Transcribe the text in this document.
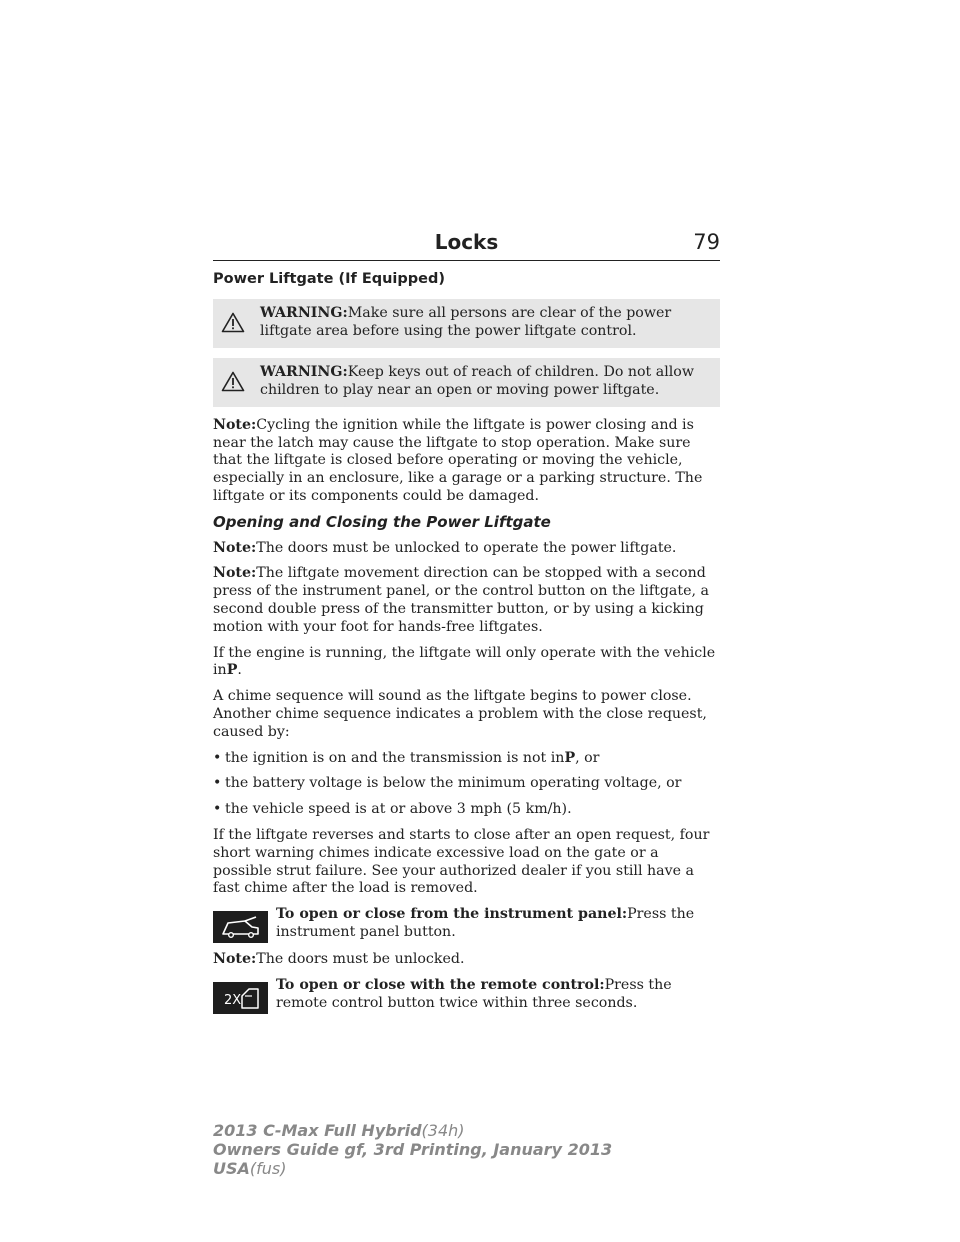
Locks	79
Power Liftgate (If Equipped)
WARNING:Make sure all persons are clear of the power liftgate area before using the power liftgate control.
WARNING:Keep keys out of reach of children. Do not allow children to play near an open or moving power liftgate.

Note:Cycling the ignition while the liftgate is power closing and is near the latch may cause the liftgate to stop operation. Make sure that the liftgate is closed before operating or moving the vehicle, especially in an enclosure, like a garage or a parking structure. The liftgate or its components could be damaged.

Opening and Closing the Power Liftgate

Note:The doors must be unlocked to operate the power liftgate.

Note:The liftgate movement direction can be stopped with a second press of the instrument panel, or the control button on the liftgate, a second double press of the transmitter button, or by using a kicking motion with your foot for hands-free liftgates.

If the engine is running, the liftgate will only operate with the vehicle inP.

A chime sequence will sound as the liftgate begins to power close. Another chime sequence indicates a problem with the close request, caused by:

• the ignition is on and the transmission is not inP, or
• the battery voltage is below the minimum operating voltage, or
• the vehicle speed is at or above 3 mph (5 km/h).

If the liftgate reverses and starts to close after an open request, four short warning chimes indicate excessive load on the gate or a possible strut failure. See your authorized dealer if you still have a fast chime after the load is removed.

To open or close from the instrument panel:Press the instrument panel button.

Note:The doors must be unlocked.

2X
To open or close with the remote control:Press the remote control button twice within three seconds.
2013 C-Max Full Hybrid(34h)
Owners Guide gf, 3rd Printing, January 2013
USA(fus)
